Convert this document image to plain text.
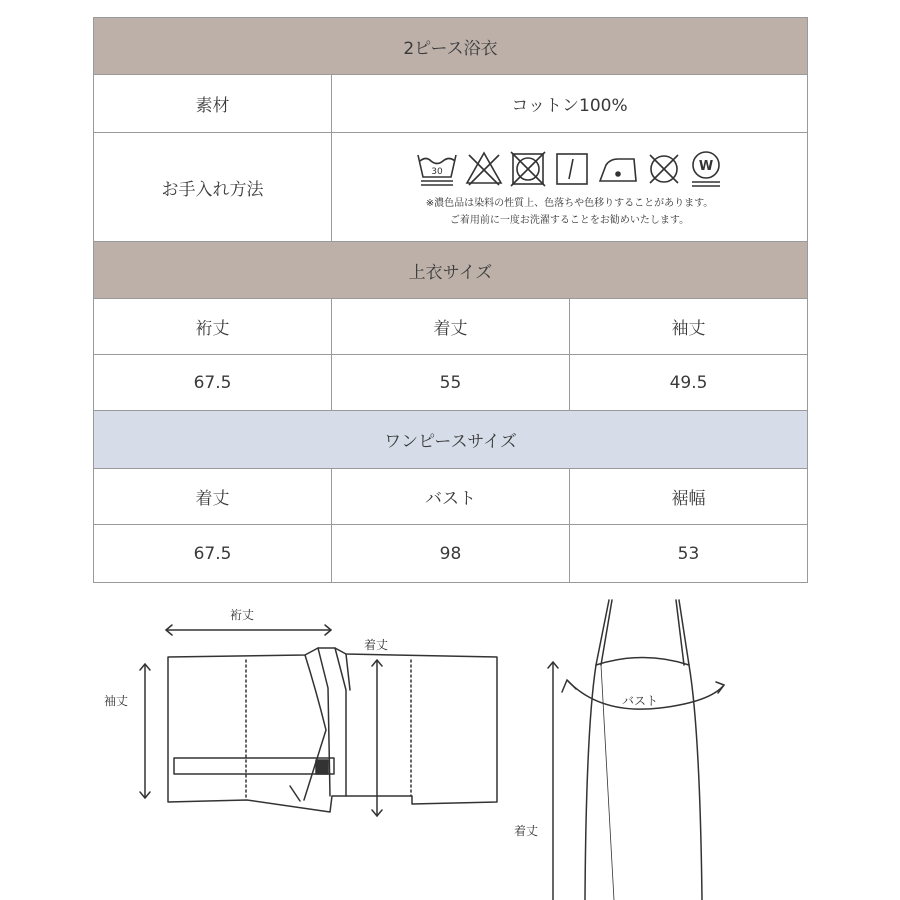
2ピース浴衣		
素材	コットン100%	
お手入れ方法	30 W
※濃色品は染料の性質上、色落ちや色移りすることがあります。
ご着用前に一度お洗濯することをお勧めいたします。	

上衣サイズ		
裄丈	着丈	袖丈
67.5	55	49.5
ワンピースサイズ		
着丈	バスト	裾幅
67.5	98	53
裄丈
着丈
袖丈	バスト
着丈
